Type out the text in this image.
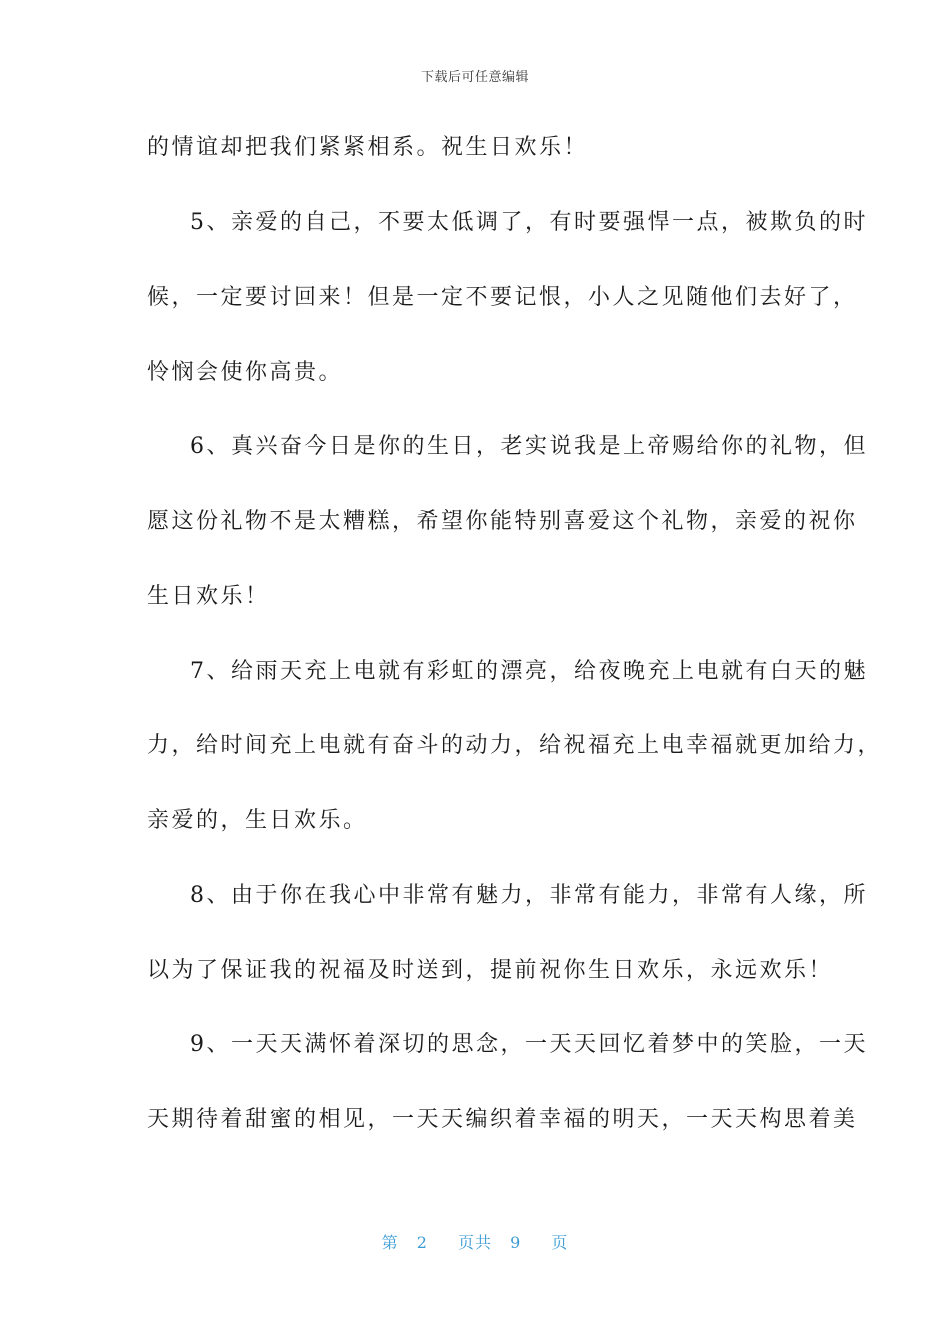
下载后可任意编辑
的情谊却把我们紧紧相系。祝生日欢乐！
5、亲爱的自己，不要太低调了，有时要强悍一点，被欺负的时
候，一定要讨回来！但是一定不要记恨，小人之见随他们去好了，
怜悯会使你高贵。
6、真兴奋今日是你的生日，老实说我是上帝赐给你的礼物，但
愿这份礼物不是太糟糕，希望你能特别喜爱这个礼物，亲爱的祝你
生日欢乐！
7、给雨天充上电就有彩虹的漂亮，给夜晚充上电就有白天的魅
力，给时间充上电就有奋斗的动力，给祝福充上电幸福就更加给力，
亲爱的，生日欢乐。
8、由于你在我心中非常有魅力，非常有能力，非常有人缘，所
以为了保证我的祝福及时送到，提前祝你生日欢乐，永远欢乐！
9、一天天满怀着深切的思念，一天天回忆着梦中的笑脸，一天
天期待着甜蜜的相见，一天天编织着幸福的明天，一天天构思着美
第 2 页共 9 页
